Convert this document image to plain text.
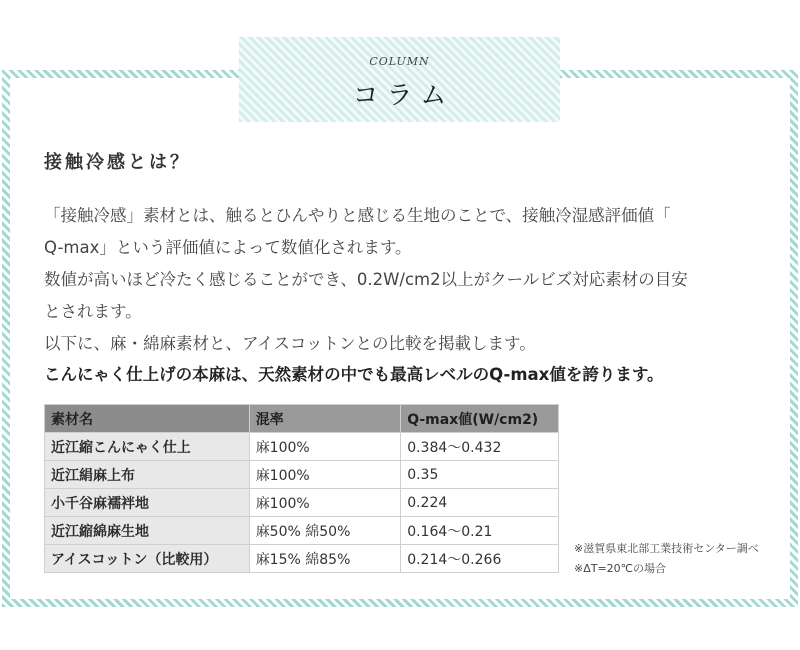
COLUMN
コラム
接触冷感とは？
「接触冷感」素材とは、触るとひんやりと感じる生地のことで、接触冷湿感評価値「
Q-max」という評価値によって数値化されます。
数値が高いほど冷たく感じることができ、0.2W/cm2以上がクールビズ対応素材の目安
とされます。
以下に、麻・綿麻素材と、アイスコットンとの比較を掲載します。
こんにゃく仕上げの本麻は、天然素材の中でも最高レベルのQ-max値を誇ります。
素材名	混率	Q-max値(W/cm2)
近江縮こんにゃく仕上	麻100%	0.384〜0.432
近江絹麻上布	麻100%	0.35
小千谷麻襦袢地	麻100%	0.224
近江縮綿麻生地	麻50% 綿50%	0.164〜0.21
アイスコットン（比較用）	麻15% 綿85%	0.214〜0.266
※滋賀県東北部工業技術センター調べ
※ΔT=20℃の場合
